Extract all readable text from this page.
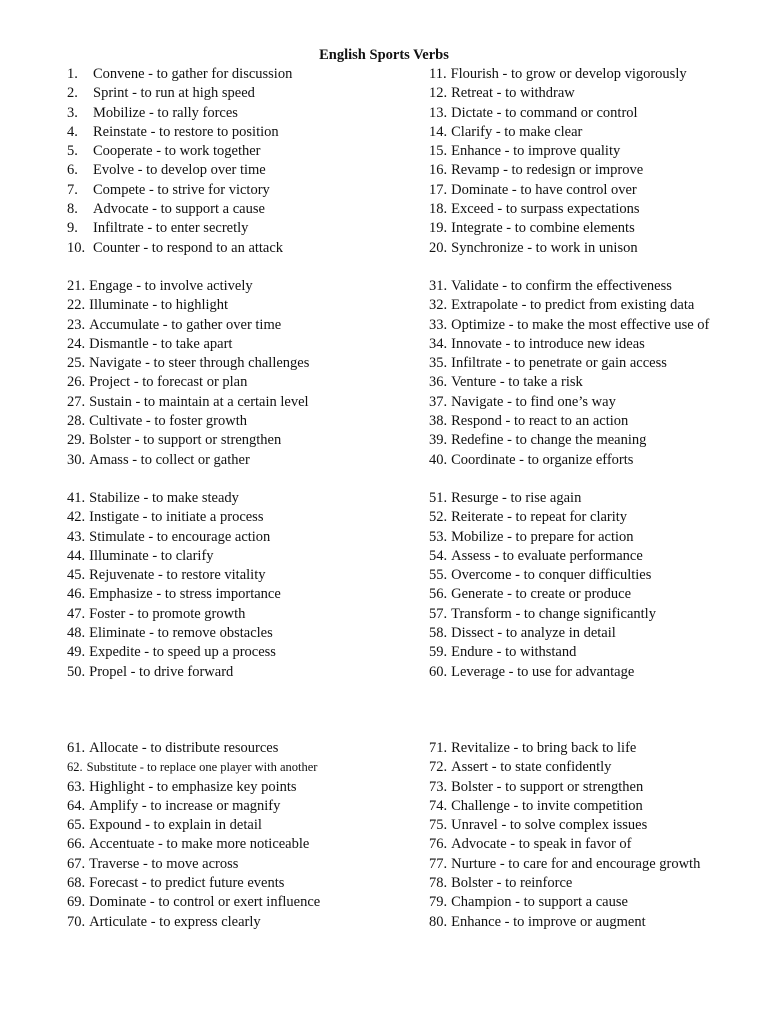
English Sports Verbs
1.	Convene - to gather for discussion
2.	Sprint - to run at high speed
3.	Mobilize - to rally forces
4.	Reinstate - to restore to position
5.	Cooperate - to work together
6.	Evolve - to develop over time
7.	Compete - to strive for victory
8.	Advocate - to support a cause
9.	Infiltrate - to enter secretly
10. Counter - to respond to an attack
11. Flourish - to grow or develop vigorously
12. Retreat - to withdraw
13. Dictate - to command or control
14. Clarify - to make clear
15. Enhance - to improve quality
16. Revamp - to redesign or improve
17. Dominate - to have control over
18. Exceed - to surpass expectations
19. Integrate - to combine elements
20. Synchronize - to work in unison
21. Engage - to involve actively
22. Illuminate - to highlight
23. Accumulate - to gather over time
24. Dismantle - to take apart
25. Navigate - to steer through challenges
26. Project - to forecast or plan
27. Sustain - to maintain at a certain level
28. Cultivate - to foster growth
29. Bolster - to support or strengthen
30. Amass - to collect or gather
31. Validate - to confirm the effectiveness
32. Extrapolate - to predict from existing data
33. Optimize - to make the most effective use of
34. Innovate - to introduce new ideas
35. Infiltrate - to penetrate or gain access
36. Venture - to take a risk
37. Navigate - to find one’s way
38. Respond - to react to an action
39. Redefine - to change the meaning
40. Coordinate - to organize efforts
41. Stabilize - to make steady
42. Instigate - to initiate a process
43. Stimulate - to encourage action
44. Illuminate - to clarify
45. Rejuvenate - to restore vitality
46. Emphasize - to stress importance
47. Foster - to promote growth
48. Eliminate - to remove obstacles
49. Expedite - to speed up a process
50. Propel - to drive forward
51. Resurge - to rise again
52. Reiterate - to repeat for clarity
53. Mobilize - to prepare for action
54. Assess - to evaluate performance
55. Overcome - to conquer difficulties
56. Generate - to create or produce
57. Transform - to change significantly
58. Dissect - to analyze in detail
59. Endure - to withstand
60. Leverage - to use for advantage
61. Allocate - to distribute resources
62. Substitute - to replace one player with another
63. Highlight - to emphasize key points
64. Amplify - to increase or magnify
65. Expound - to explain in detail
66. Accentuate - to make more noticeable
67. Traverse - to move across
68. Forecast - to predict future events
69. Dominate - to control or exert influence
70. Articulate - to express clearly
71. Revitalize - to bring back to life
72. Assert - to state confidently
73. Bolster - to support or strengthen
74. Challenge - to invite competition
75. Unravel - to solve complex issues
76. Advocate - to speak in favor of
77. Nurture - to care for and encourage growth
78. Bolster - to reinforce
79. Champion - to support a cause
80. Enhance - to improve or augment
